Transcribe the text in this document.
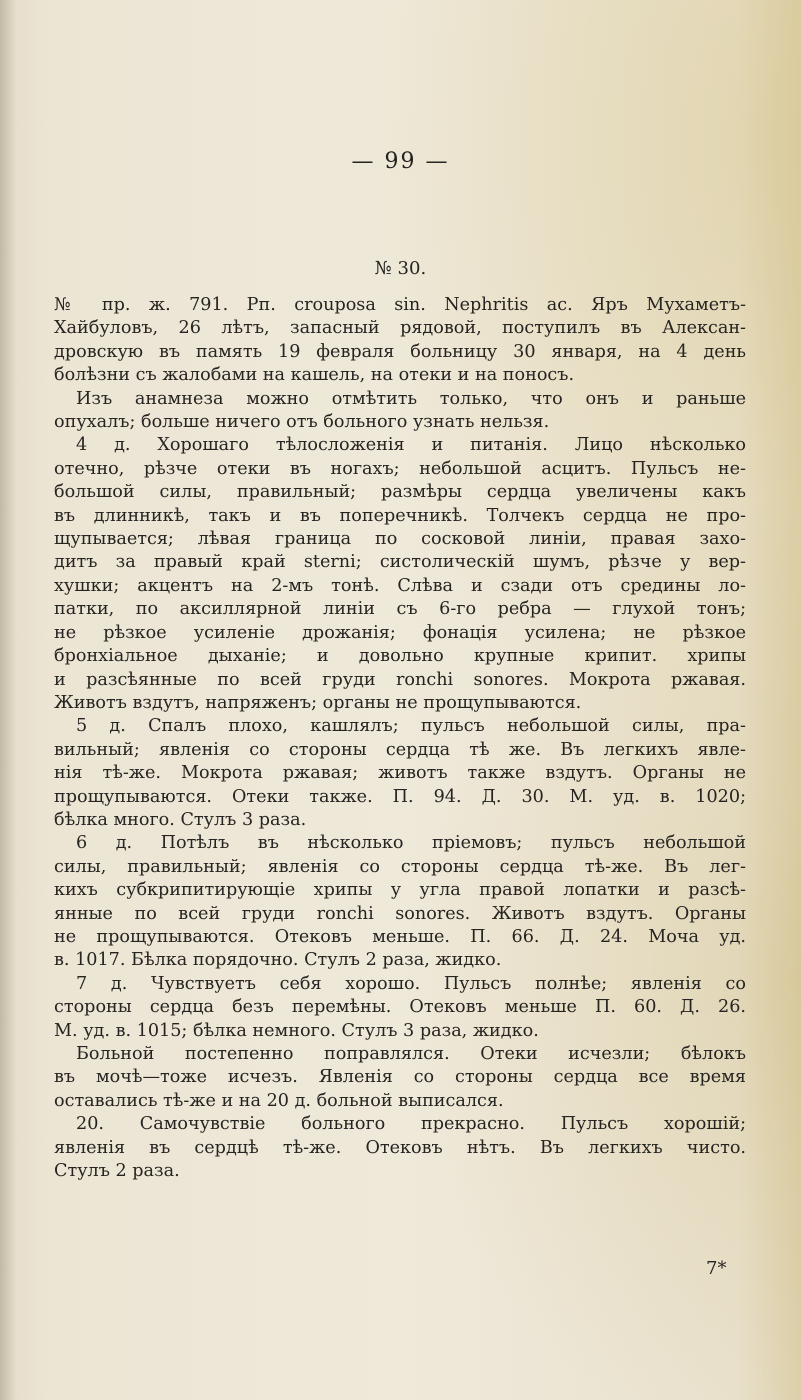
— 99 —
№ 30.
№ пр. ж. 791. Рп. crouposa sin. Nephritis ac. Яръ Мухаметъ-
Хайбуловъ, 26 лѣтъ, запасный рядовой, поступилъ въ Алексан-
дровскую въ память 19 февраля больницу 30 января, на 4 день
болѣзни съ жалобами на кашель, на отеки и на поносъ.
Изъ анамнеза можно отмѣтить только, что онъ и раньше
опухалъ; больше ничего отъ больного узнать нельзя.
4 д. Хорошаго тѣлосложенія и питанія. Лицо нѣсколько
отечно, рѣзче отеки въ ногахъ; небольшой асцитъ. Пульсъ не-
большой силы, правильный; размѣры сердца увеличены какъ
въ длинникѣ, такъ и въ поперечникѣ. Толчекъ сердца не про-
щупывается; лѣвая граница по сосковой линіи, правая захо-
дитъ за правый край sterni; систолическій шумъ, рѣзче у вер-
хушки; акцентъ на 2-мъ тонѣ. Слѣва и сзади отъ средины ло-
патки, по аксиллярной линіи съ 6-го ребра — глухой тонъ;
не рѣзкое усиленіе дрожанія; фонація усилена; не рѣзкое
бронхіальное дыханіе; и довольно крупные крипит. хрипы
и разсѣянные по всей груди ronchi sonores. Мокрота ржавая.
Животъ вздутъ, напряженъ; органы не прощупываются.
5 д. Спалъ плохо, кашлялъ; пульсъ небольшой силы, пра-
вильный; явленія со стороны сердца тѣ же. Въ легкихъ явле-
нія тѣ-же. Мокрота ржавая; животъ также вздутъ. Органы не
прощупываются. Отеки также. П. 94. Д. 30. М. уд. в. 1020;
бѣлка много. Стулъ 3 раза.
6 д. Потѣлъ въ нѣсколько пріемовъ; пульсъ небольшой
силы, правильный; явленія со стороны сердца тѣ-же. Въ лег-
кихъ субкрипитирующіе хрипы у угла правой лопатки и разсѣ-
янные по всей груди ronchi sonores. Животъ вздутъ. Органы
не прощупываются. Отековъ меньше. П. 66. Д. 24. Моча уд.
в. 1017. Бѣлка порядочно. Стулъ 2 раза, жидко.
7 д. Чувствуетъ себя хорошо. Пульсъ полнѣе; явленія со
стороны сердца безъ перемѣны. Отековъ меньше П. 60. Д. 26.
М. уд. в. 1015; бѣлка немного. Стулъ 3 раза, жидко.
Больной постепенно поправлялся. Отеки исчезли; бѣлокъ
въ мочѣ—тоже исчезъ. Явленія со стороны сердца все время
оставались тѣ-же и на 20 д. больной выписался.
20. Самочувствіе больного прекрасно. Пульсъ хорошій;
явленія въ сердцѣ тѣ-же. Отековъ нѣтъ. Въ легкихъ чисто.
Стулъ 2 раза.
7*
